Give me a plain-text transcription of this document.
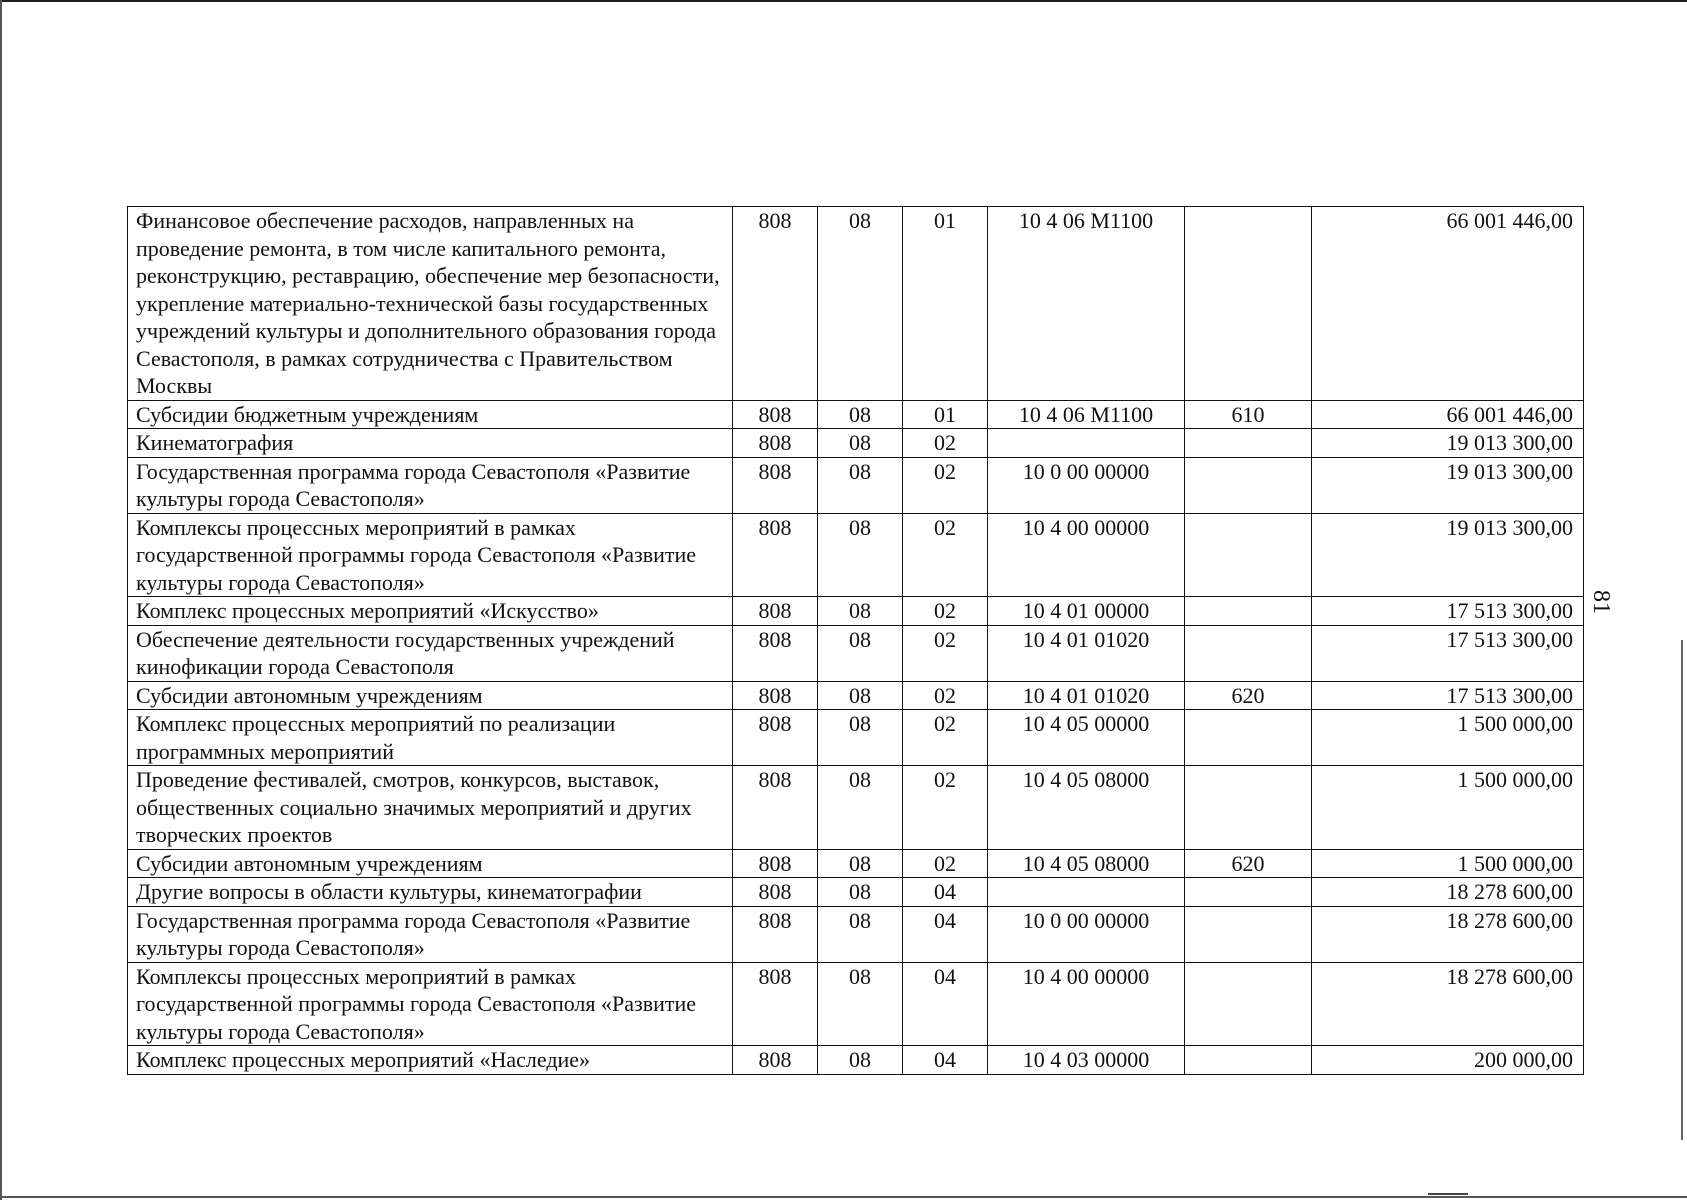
Финансовое обеспечение расходов, направленных на проведение ремонта, в том числе капитального ремонта, реконструкцию, реставрацию, обеспечение мер безопасности, укрепление материально-технической базы государственных учреждений культуры и дополнительного образования города Севастополя, в рамках сотрудничества с Правительством Москвы	808	08	01	10 4 06 М1100		66 001 446,00
Субсидии бюджетным учреждениям	808	08	01	10 4 06 М1100	610	66 001 446,00
Кинематография	808	08	02			19 013 300,00
Государственная программа города Севастополя «Развитие культуры города Севастополя»	808	08	02	10 0 00 00000		19 013 300,00
Комплексы процессных мероприятий в рамках государственной программы города Севастополя «Развитие культуры города Севастополя»	808	08	02	10 4 00 00000		19 013 300,00
Комплекс процессных мероприятий «Искусство»	808	08	02	10 4 01 00000		17 513 300,00
Обеспечение деятельности государственных учреждений кинофикации города Севастополя	808	08	02	10 4 01 01020		17 513 300,00
Субсидии автономным учреждениям	808	08	02	10 4 01 01020	620	17 513 300,00
Комплекс процессных мероприятий по реализации программных мероприятий	808	08	02	10 4 05 00000		1 500 000,00
Проведение фестивалей, смотров, конкурсов, выставок, общественных социально значимых мероприятий и других творческих проектов	808	08	02	10 4 05 08000		1 500 000,00
Субсидии автономным учреждениям	808	08	02	10 4 05 08000	620	1 500 000,00
Другие вопросы в области культуры, кинематографии	808	08	04			18 278 600,00
Государственная программа города Севастополя «Развитие культуры города Севастополя»	808	08	04	10 0 00 00000		18 278 600,00
Комплексы процессных мероприятий в рамках государственной программы города Севастополя «Развитие культуры города Севастополя»	808	08	04	10 4 00 00000		18 278 600,00
Комплекс процессных мероприятий «Наследие»	808	08	04	10 4 03 00000		200 000,00
81
